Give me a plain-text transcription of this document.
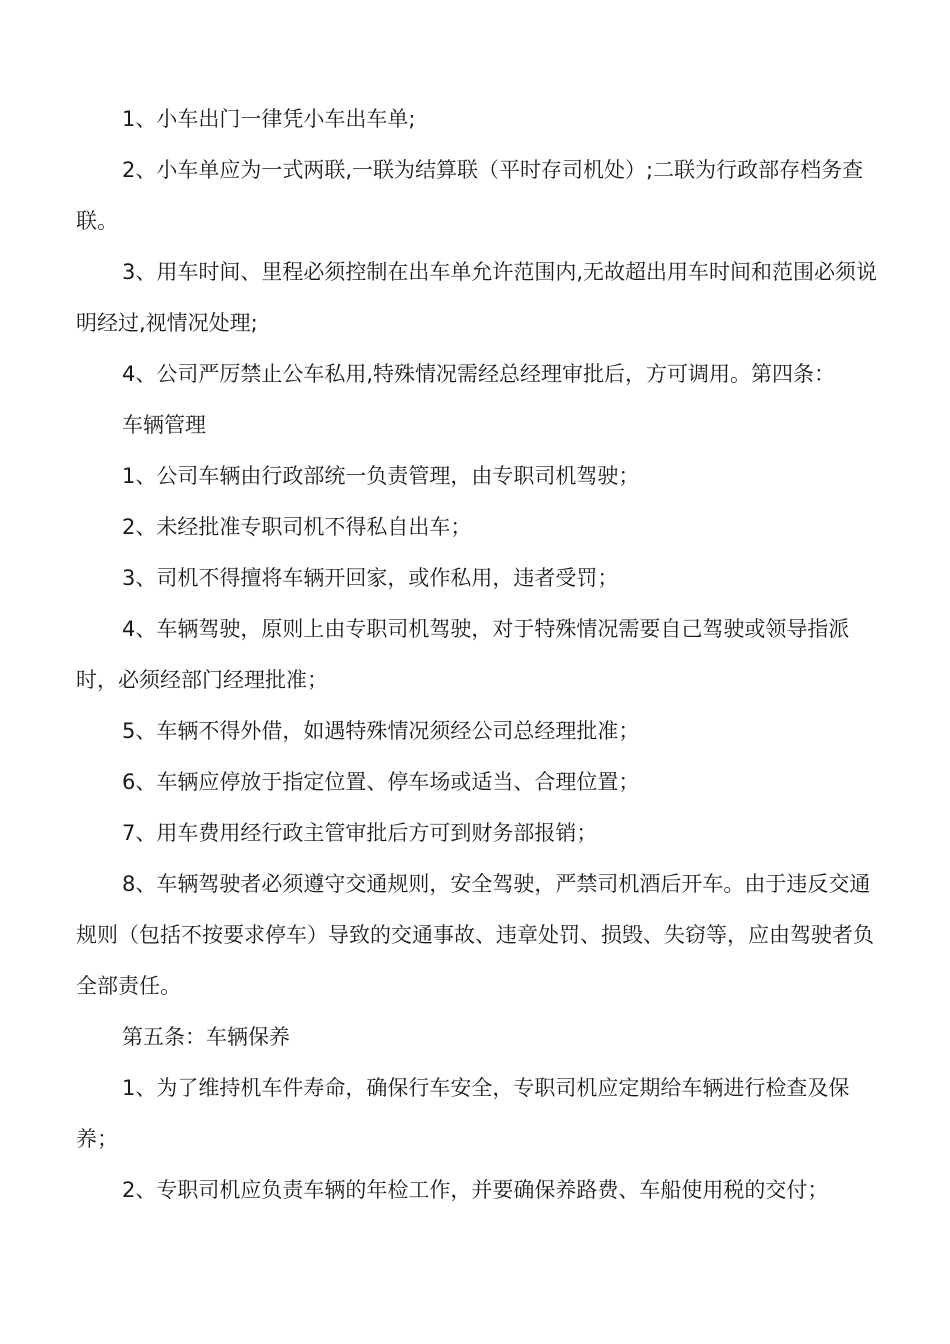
1、小车出门一律凭小车出车单;

2、小车单应为一式两联,一联为结算联（平时存司机处）;二联为行政部存档务查联。

3、用车时间、里程必须控制在出车单允许范围内,无故超出用车时间和范围必须说明经过,视情况处理;

4、公司严厉禁止公车私用,特殊情况需经总经理审批后，方可调用。第四条：

车辆管理

1、公司车辆由行政部统一负责管理，由专职司机驾驶；

2、未经批准专职司机不得私自出车；

3、司机不得擅将车辆开回家，或作私用，违者受罚；

4、车辆驾驶，原则上由专职司机驾驶，对于特殊情况需要自己驾驶或领导指派时，必须经部门经理批准；

5、车辆不得外借，如遇特殊情况须经公司总经理批准；

6、车辆应停放于指定位置、停车场或适当、合理位置；

7、用车费用经行政主管审批后方可到财务部报销；

8、车辆驾驶者必须遵守交通规则，安全驾驶，严禁司机酒后开车。由于违反交通规则（包括不按要求停车）导致的交通事故、违章处罚、损毁、失窃等，应由驾驶者负全部责任。

第五条：车辆保养

1、为了维持机车件寿命，确保行车安全，专职司机应定期给车辆进行检查及保养；

2、专职司机应负责车辆的年检工作，并要确保养路费、车船使用税的交付；
